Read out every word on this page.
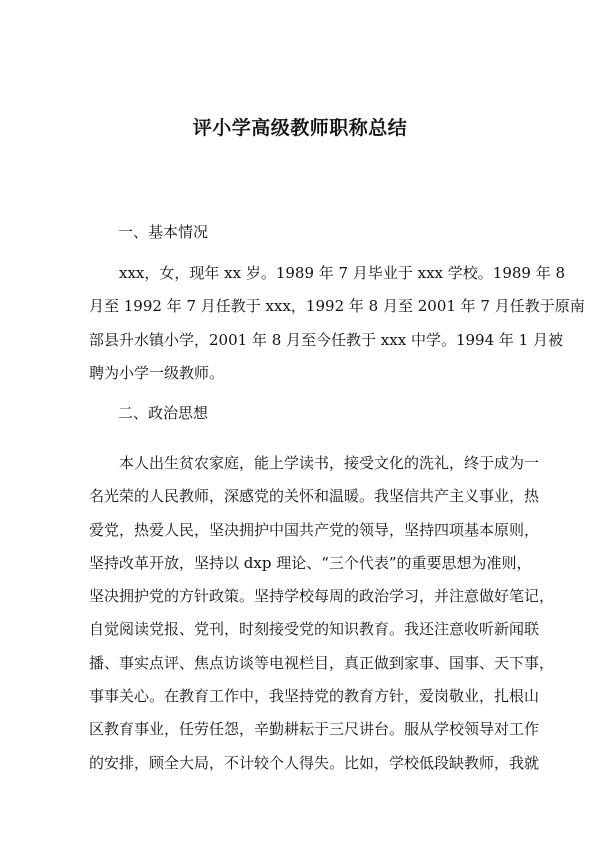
评小学高级教师职称总结
一、基本情况
xxx，女，现年 xx 岁。1989 年 7 月毕业于 xxx 学校。1989 年 8
月至 1992 年 7 月任教于 xxx，1992 年 8 月至 2001 年 7 月任教于原南
部县升水镇小学，2001 年 8 月至今任教于 xxx 中学。1994 年 1 月被
聘为小学一级教师。
二、政治思想
本人出生贫农家庭，能上学读书，接受文化的洗礼，终于成为一
名光荣的人民教师，深感党的关怀和温暖。我坚信共产主义事业，热
爱党，热爱人民，坚决拥护中国共产党的领导，坚持四项基本原则，
坚持改革开放，坚持以 dxp 理论、“三个代表”的重要思想为准则，
坚决拥护党的方针政策。坚持学校每周的政治学习，并注意做好笔记，
自觉阅读党报、党刊，时刻接受党的知识教育。我还注意收听新闻联
播、事实点评、焦点访谈等电视栏目，真正做到家事、国事、天下事，
事事关心。在教育工作中，我坚持党的教育方针，爱岗敬业，扎根山
区教育事业，任劳任怨，辛勤耕耘于三尺讲台。服从学校领导对工作
的安排，顾全大局，不计较个人得失。比如，学校低段缺教师，我就
